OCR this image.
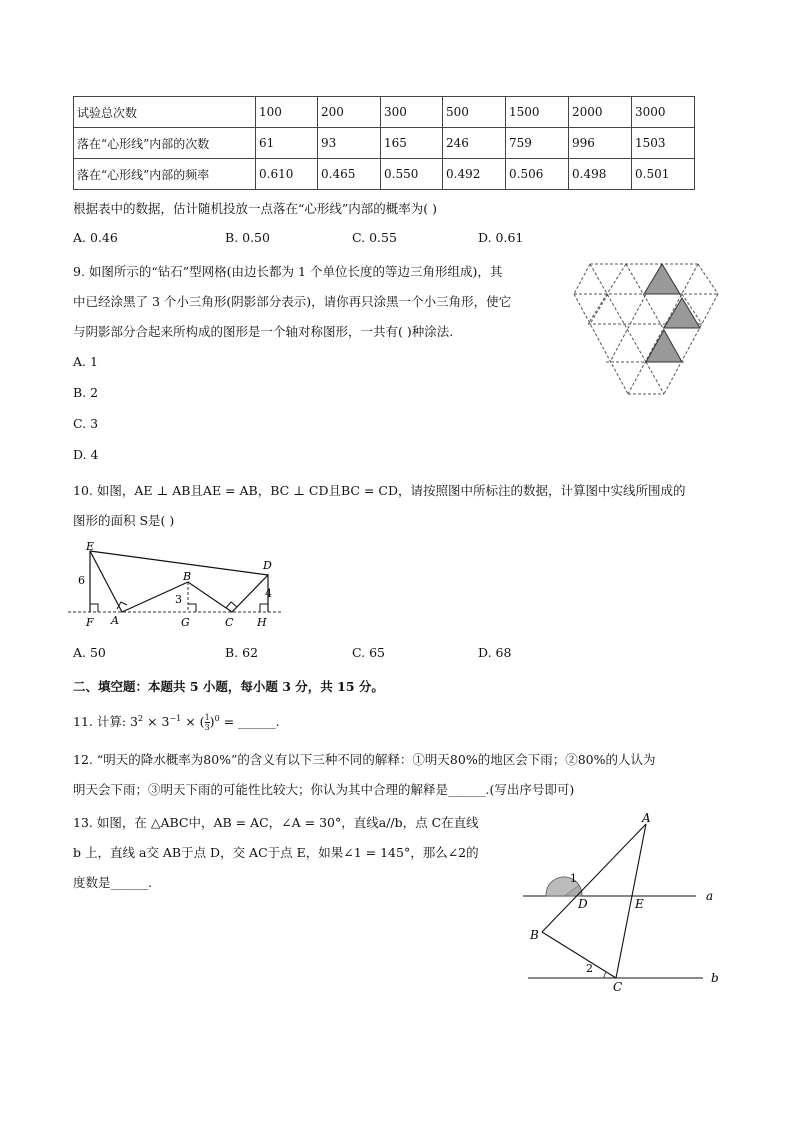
试验总次数	100	200	300	500	1500	2000	3000
落在“心形线”内部的次数	61	93	165	246	759	996	1503
落在“心形线”内部的频率	0.610	0.465	0.550	0.492	0.506	0.498	0.501
根据表中的数据，估计随机投放一点落在“心形线”内部的概率为( )
A. 0.46	B. 0.50	C. 0.55	D. 0.61
9. 如图所示的“钻石”型网格(由边长都为 1 个单位长度的等边三角形组成)，其
中已经涂黑了 3 个小三角形(阴影部分表示)，请你再只涂黑一个小三角形，使它
与阴影部分合起来所构成的图形是一个轴对称图形，一共有( )种涂法.
A. 1
B. 2
C. 3
D. 4
10. 如图，AE ⊥ AB且AE = AB，BC ⊥ CD且BC = CD，请按照图中所标注的数据，计算图中实线所围成的
图形的面积 S是( )
E
D
B
F A	G	C H
6
3	4
A. 50	B. 62	C. 65	D. 68
二、填空题：本题共 5 小题，每小题 3 分，共 15 分。
11. 计算: $3^2 \times 3^{-1}$ × ( $\frac{1}{3} )^0$ = ______.
12. “明天的降水概率为80%”的含义有以下三种不同的解释：①明天80%的地区会下雨；②80%的人认为
明天会下雨；③明天下雨的可能性比较大；你认为其中合理的解释是______.(写出序号即可)
13. 如图，在 △ABC中，AB = AC，∠A = 30°，直线a//b，点 C在直线
b 上，直线 a交 AB于点 D，交 AC于点 E，如果∠1 = 145°，那么∠2的
度数是______.
A
D	E
B
C
a
b
1
2
